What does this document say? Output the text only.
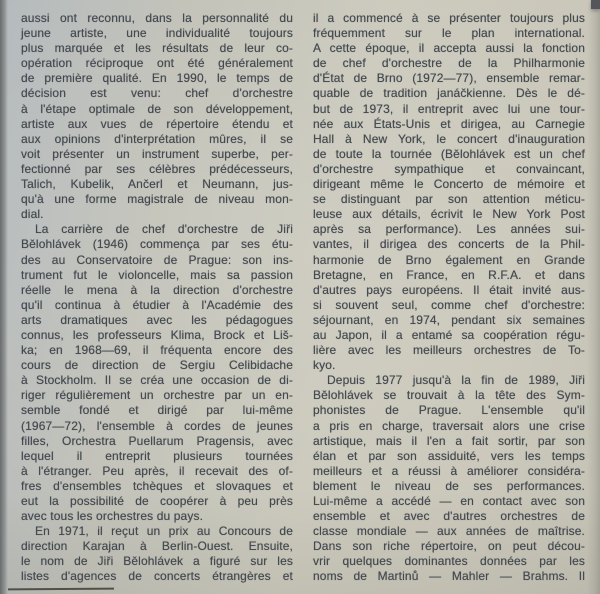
aussi ont reconnu, dans la personnalité du
jeune artiste, une individualité toujours
plus marquée et les résultats de leur co-
opération réciproque ont été généralement
de première qualité. En 1990, le temps de
décision est venu: chef d'orchestre
à l'étape optimale de son développement,
artiste aux vues de répertoire étendu et
aux opinions d'interprétation mûres, il se
voit présenter un instrument superbe, per-
fectionné par ses célèbres prédécesseurs,
Talich, Kubelik, Ančerl et Neumann, jus-
qu'à une forme magistrale de niveau mon-
dial.
La carrière de chef d'orchestre de Jiři
Bělohlávek (1946) commença par ses étu-
des au Conservatoire de Prague: son ins-
trument fut le violoncelle, mais sa passion
réelle le mena à la direction d'orchestre
qu'il continua à étudier à l'Académie des
arts dramatiques avec les pédagogues
connus, les professeurs Klima, Brock et Liš-
ka; en 1968—69, il fréquenta encore des
cours de direction de Sergiu Celibidache
à Stockholm. Il se créa une occasion de di-
riger régulièrement un orchestre par un en-
semble fondé et dirigé par lui-même
(1967—72), l'ensemble à cordes de jeunes
filles, Orchestra Puellarum Pragensis, avec
lequel il entreprit plusieurs tournées
à l'étranger. Peu après, il recevait des of-
fres d'ensembles tchèques et slovaques et
eut la possibilité de coopérer à peu près
avec tous les orchestres du pays.
En 1971, il reçut un prix au Concours de
direction Karajan à Berlin-Ouest. Ensuite,
le nom de Jiři Bělohlávek a figuré sur les
listes d'agences de concerts étrangères et
il a commencé à se présenter toujours plus
fréquemment sur le plan international.
A cette époque, il accepta aussi la fonction
de chef d'orchestre de la Philharmonie
d'État de Brno (1972—77), ensemble remar-
quable de tradition janáčkienne. Dès le dé-
but de 1973, il entreprit avec lui une tour-
née aux États-Unis et dirigea, au Carnegie
Hall à New York, le concert d'inauguration
de toute la tournée (Bělohlávek est un chef
d'orchestre sympathique et convaincant,
dirigeant même le Concerto de mémoire et
se distinguant par son attention méticu-
leuse aux détails, écrivit le New York Post
après sa performance). Les années sui-
vantes, il dirigea des concerts de la Phil-
harmonie de Brno également en Grande
Bretagne, en France, en R.F.A. et dans
d'autres pays européens. Il était invité aus-
si souvent seul, comme chef d'orchestre:
séjournant, en 1974, pendant six semaines
au Japon, il a entamé sa coopération régu-
lière avec les meilleurs orchestres de To-
kyo.
Depuis 1977 jusqu'à la fin de 1989, Jiři
Bělohlávek se trouvait à la tête des Sym-
phonistes de Prague. L'ensemble qu'il
a pris en charge, traversait alors une crise
artistique, mais il l'en a fait sortir, par son
élan et par son assiduité, vers les temps
meilleurs et a réussi à améliorer considéra-
blement le niveau de ses performances.
Lui-même a accédé — en contact avec son
ensemble et avec d'autres orchestres de
classe mondiale — aux années de maîtrise.
Dans son riche répertoire, on peut décou-
vrir quelques dominantes données par les
noms de Martinů — Mahler — Brahms. Il
